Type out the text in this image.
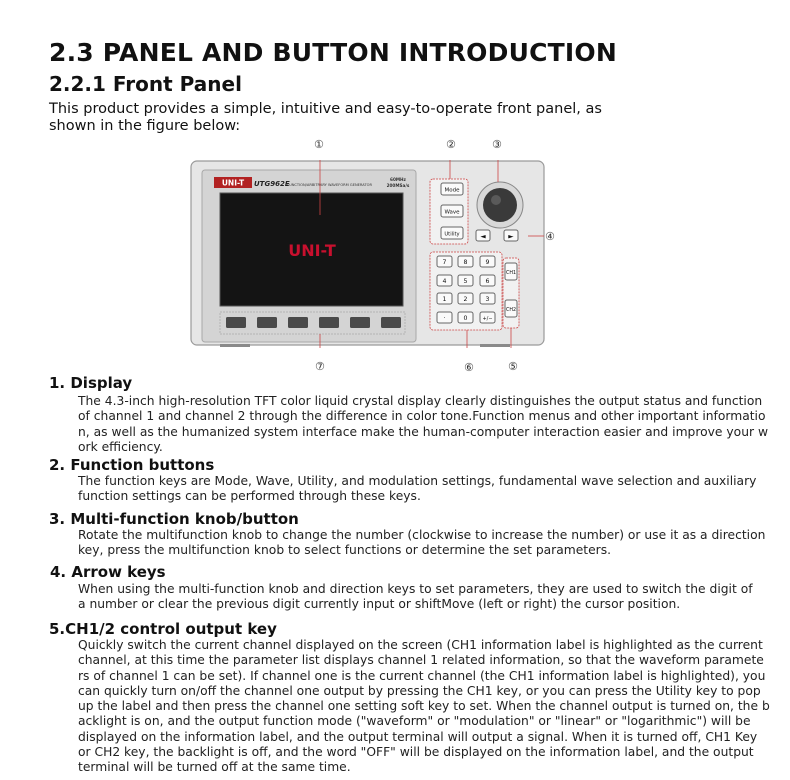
2.3 PANEL AND BUTTON INTRODUCTION
2.2.1 Front Panel
This product provides a simple, intuitive and easy-to-operate front panel, as shown in the figure below:
①	②	③
④
⑤
⑥
⑦
UNI-T UTG962E
FUNCTION/ARBITRARY WAVEFORM GENERATOR
60MHz
200MSa/s
UNI-T
Mode
Wave
Utility	◄	►
7	8	9
4	5	6
1	2	3
·	0	+/−
CH1
CH2
1. Display
The 4.3-inch high-resolution TFT color liquid crystal display clearly distinguishes the output status and function
of channel 1 and channel 2 through the difference in color tone.Function menus and other important informatio
n, as well as the humanized system interface make the human-computer interaction easier and improve your w
ork efficiency.
2. Function buttons
The function keys are Mode, Wave, Utility, and modulation settings, fundamental wave selection and auxiliary
function settings can be performed through these keys.
3. Multi-function knob/button
Rotate the multifunction knob to change the number (clockwise to increase the number) or use it as a direction
key, press the multifunction knob to select functions or determine the set parameters.
4. Arrow keys
When using the multi-function knob and direction keys to set parameters, they are used to switch the digit of
a number or clear the previous digit currently input or shiftMove (left or right) the cursor position.
5.CH1/2 control output key
Quickly switch the current channel displayed on the screen (CH1 information label is highlighted as the current
channel, at this time the parameter list displays channel 1 related information, so that the waveform paramete
rs of channel 1 can be set). If channel one is the current channel (the CH1 information label is highlighted), you
can quickly turn on/off the channel one output by pressing the CH1 key, or you can press the Utility key to pop
up the label and then press the channel one setting soft key to set. When the channel output is turned on, the b
acklight is on, and the output function mode ("waveform" or "modulation" or "linear" or "logarithmic") will be
displayed on the information label, and the output terminal will output a signal. When it is turned off, CH1 Key
or CH2 key, the backlight is off, and the word "OFF" will be displayed on the information label, and the output
terminal will be turned off at the same time.
